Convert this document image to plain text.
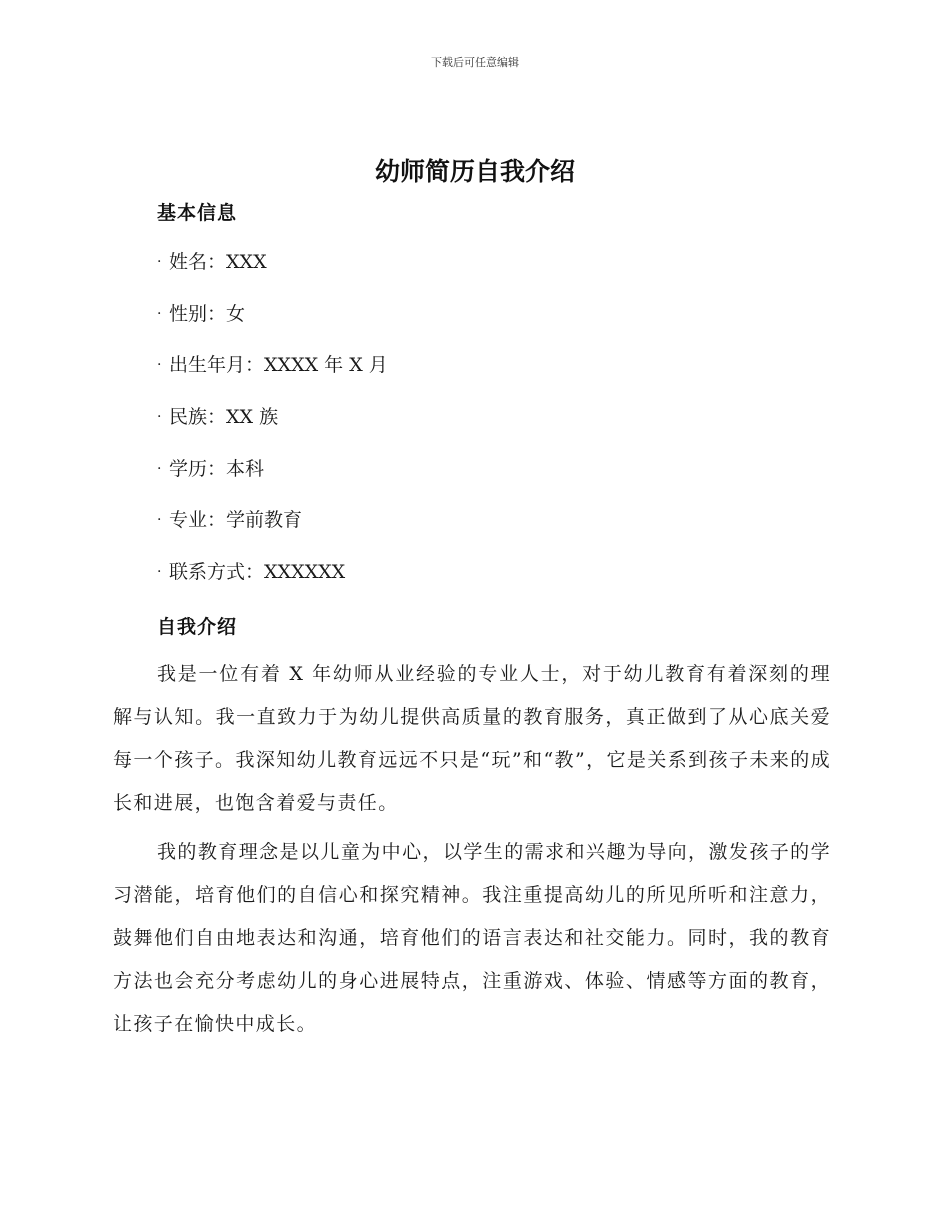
下载后可任意编辑
幼师简历自我介绍
基本信息
· 姓名：XXX
· 性别：女
· 出生年月：XXXX 年 X 月
· 民族：XX 族
· 学历：本科
· 专业：学前教育
· 联系方式：XXXXXX
自我介绍

我是一位有着 X 年幼师从业经验的专业人士，对于幼儿教育有着深刻的理解与认知。我一直致力于为幼儿提供高质量的教育服务，真正做到了从心底关爱每一个孩子。我深知幼儿教育远远不只是“玩”和“教”，它是关系到孩子未来的成长和进展，也饱含着爱与责任。

我的教育理念是以儿童为中心，以学生的需求和兴趣为导向，激发孩子的学习潜能，培育他们的自信心和探究精神。我注重提高幼儿的所见所听和注意力，鼓舞他们自由地表达和沟通，培育他们的语言表达和社交能力。同时，我的教育方法也会充分考虑幼儿的身心进展特点，注重游戏、体验、情感等方面的教育，让孩子在愉快中成长。
